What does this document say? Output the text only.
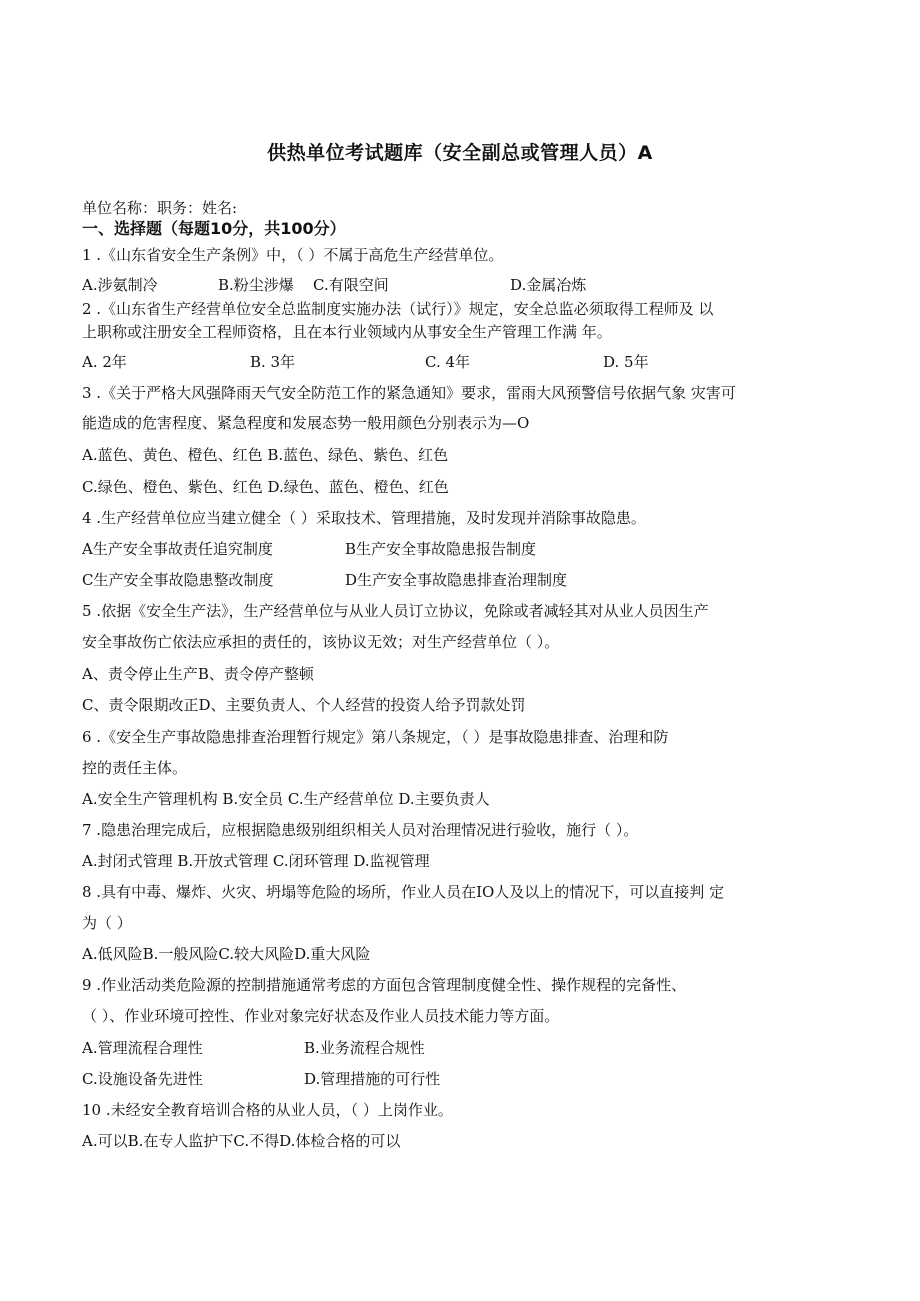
供热单位考试题库（安全副总或管理人员）A
单位名称：职务：姓名:
一、选择题（每题10分，共100分）
1 .《山东省安全生产条例》中，（ ）不属于高危生产经营单位。
A.涉氨制冷	B.粉尘涉爆 C.有限空间	D.金属冶炼
2 .《山东省生产经营单位安全总监制度实施办法（试行）》规定，安全总监必须取得工程师及 以
上职称或注册安全工程师资格，且在本行业领域内从事安全生产管理工作满 年。
A. 2年	B. 3年	C. 4年	D. 5年
3 .《关于严格大风强降雨天气安全防范工作的紧急通知》要求，雷雨大风预警信号依据气象 灾害可
能造成的危害程度、紧急程度和发展态势一般用颜色分别表示为—O
A.蓝色、黄色、橙色、红色 B.蓝色、绿色、紫色、红色
C.绿色、橙色、紫色、红色 D.绿色、蓝色、橙色、红色
4 .生产经营单位应当建立健全（ ）采取技术、管理措施，及时发现并消除事故隐患。
A生产安全事故责任追究制度	B生产安全事故隐患报告制度
C生产安全事故隐患整改制度	D生产安全事故隐患排查治理制度
5 .依据《安全生产法》，生产经营单位与从业人员订立协议，免除或者减轻其对从业人员因生产
安全事故伤亡依法应承担的责任的，该协议无效；对生产经营单位（ ）。
A、责令停止生产B、责令停产整顿
C、责令限期改正D、主要负责人、个人经营的投资人给予罚款处罚
6 .《安全生产事故隐患排查治理暂行规定》第八条规定，（ ）是事故隐患排查、治理和防
控的责任主体。
A.安全生产管理机构 B.安全员 C.生产经营单位 D.主要负责人
7 .隐患治理完成后，应根据隐患级别组织相关人员对治理情况进行验收，施行（ ）。
A.封闭式管理 B.开放式管理 C.闭环管理 D.监视管理
8 .具有中毒、爆炸、火灾、坍塌等危险的场所，作业人员在IO人及以上的情况下，可以直接判 定
为（ ）
A.低风险B.一般风险C.较大风险D.重大风险
9 .作业活动类危险源的控制措施通常考虑的方面包含管理制度健全性、操作规程的完备性、
（ ）、作业环境可控性、作业对象完好状态及作业人员技术能力等方面。
A.管理流程合理性	B.业务流程合规性
C.设施设备先进性	D.管理措施的可行性
10 .未经安全教育培训合格的从业人员，（ ）上岗作业。
A.可以B.在专人监护下C.不得D.体检合格的可以
